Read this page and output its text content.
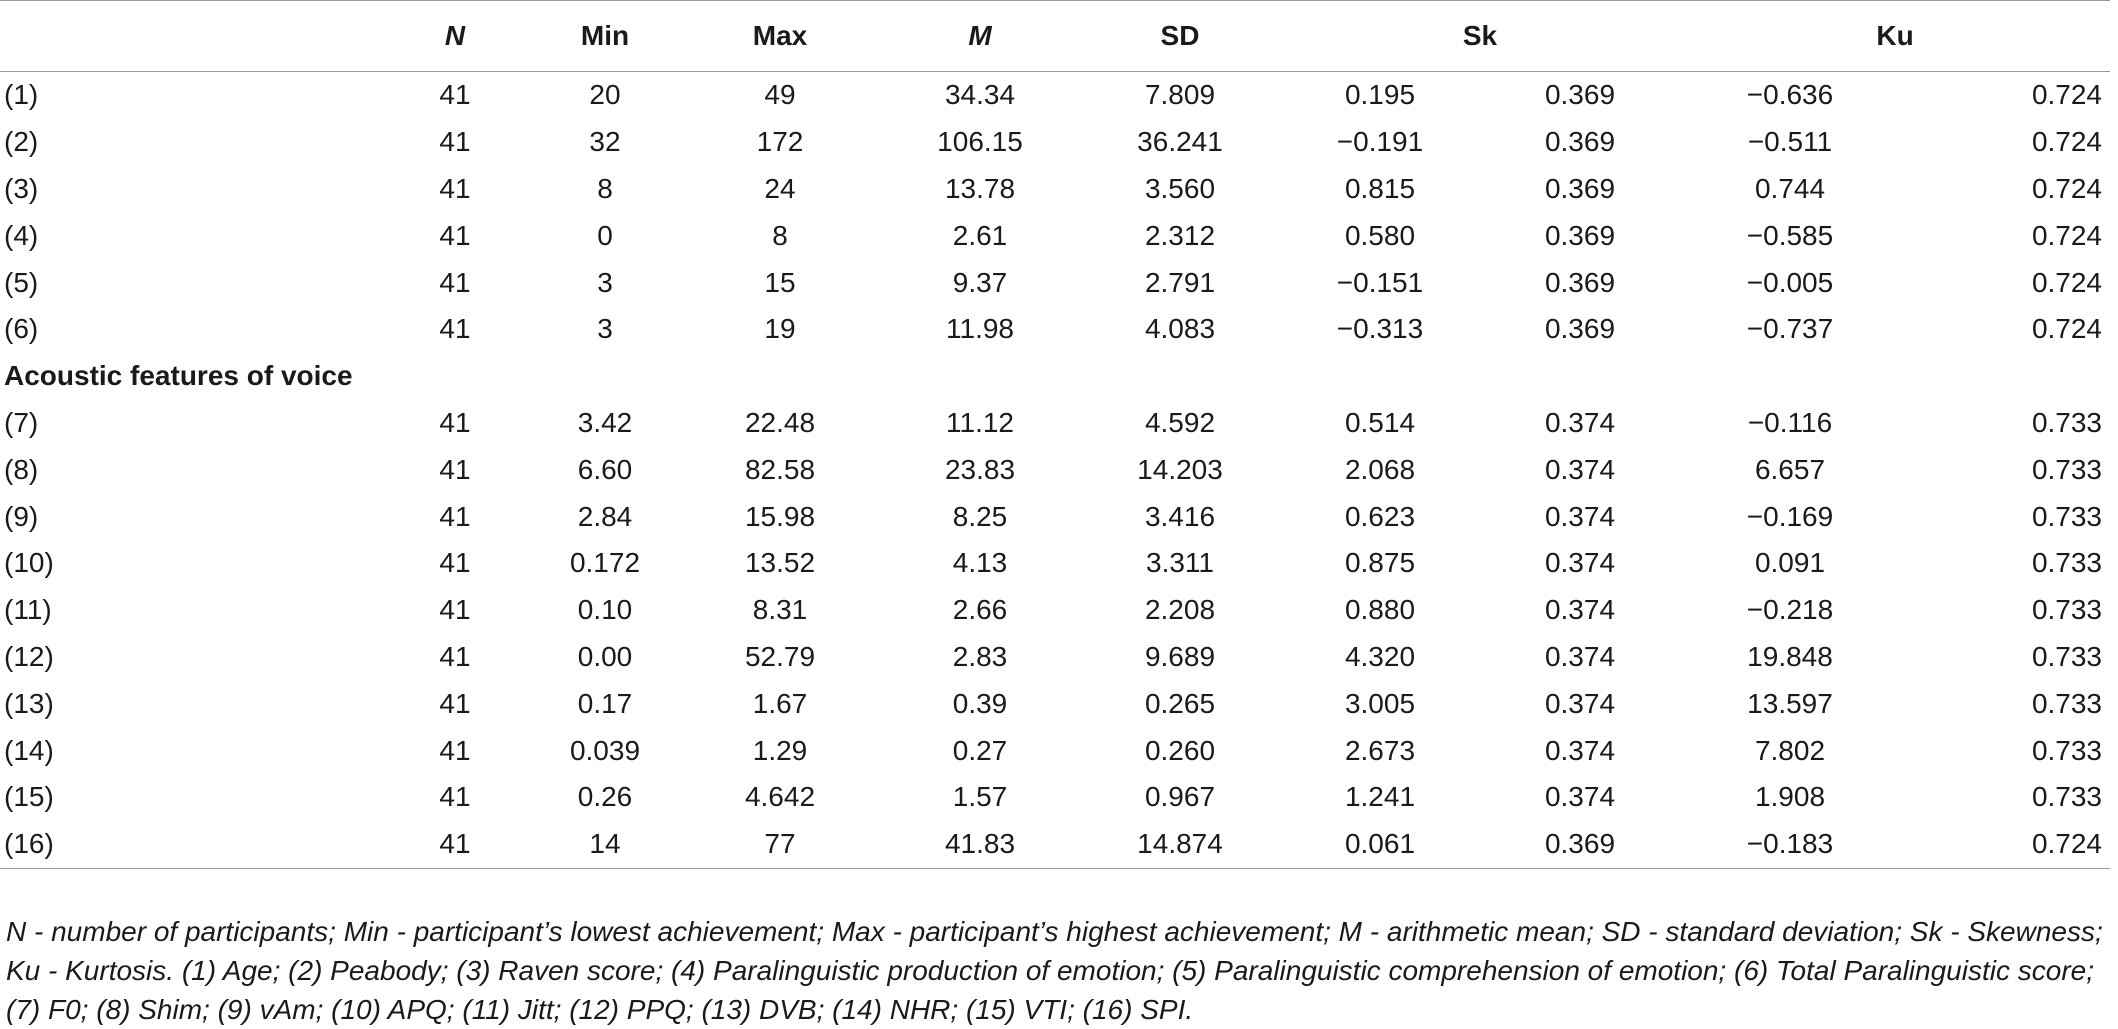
	N	Min	Max	M	SD	Sk		Ku	
(1)	41	20	49	34.34	7.809	0.195	0.369	−0.636	0.724
(2)	41	32	172	106.15	36.241	−0.191	0.369	−0.511	0.724
(3)	41	8	24	13.78	3.560	0.815	0.369	0.744	0.724
(4)	41	0	8	2.61	2.312	0.580	0.369	−0.585	0.724
(5)	41	3	15	9.37	2.791	−0.151	0.369	−0.005	0.724
(6)	41	3	19	11.98	4.083	−0.313	0.369	−0.737	0.724
Acoustic features of voice									
(7)	41	3.42	22.48	11.12	4.592	0.514	0.374	−0.116	0.733
(8)	41	6.60	82.58	23.83	14.203	2.068	0.374	6.657	0.733
(9)	41	2.84	15.98	8.25	3.416	0.623	0.374	−0.169	0.733
(10)	41	0.172	13.52	4.13	3.311	0.875	0.374	0.091	0.733
(11)	41	0.10	8.31	2.66	2.208	0.880	0.374	−0.218	0.733
(12)	41	0.00	52.79	2.83	9.689	4.320	0.374	19.848	0.733
(13)	41	0.17	1.67	0.39	0.265	3.005	0.374	13.597	0.733
(14)	41	0.039	1.29	0.27	0.260	2.673	0.374	7.802	0.733
(15)	41	0.26	4.642	1.57	0.967	1.241	0.374	1.908	0.733
(16)	41	14	77	41.83	14.874	0.061	0.369	−0.183	0.724
N - number of participants; Min - participant’s lowest achievement; Max - participant’s highest achievement; M - arithmetic mean; SD - standard deviation; Sk - Skewness; Ku - Kurtosis. (1) Age; (2) Peabody; (3) Raven score; (4) Paralinguistic production of emotion; (5) Paralinguistic comprehension of emotion; (6) Total Paralinguistic score; (7) F0; (8) Shim; (9) vAm; (10) APQ; (11) Jitt; (12) PPQ; (13) DVB; (14) NHR; (15) VTI; (16) SPI.
